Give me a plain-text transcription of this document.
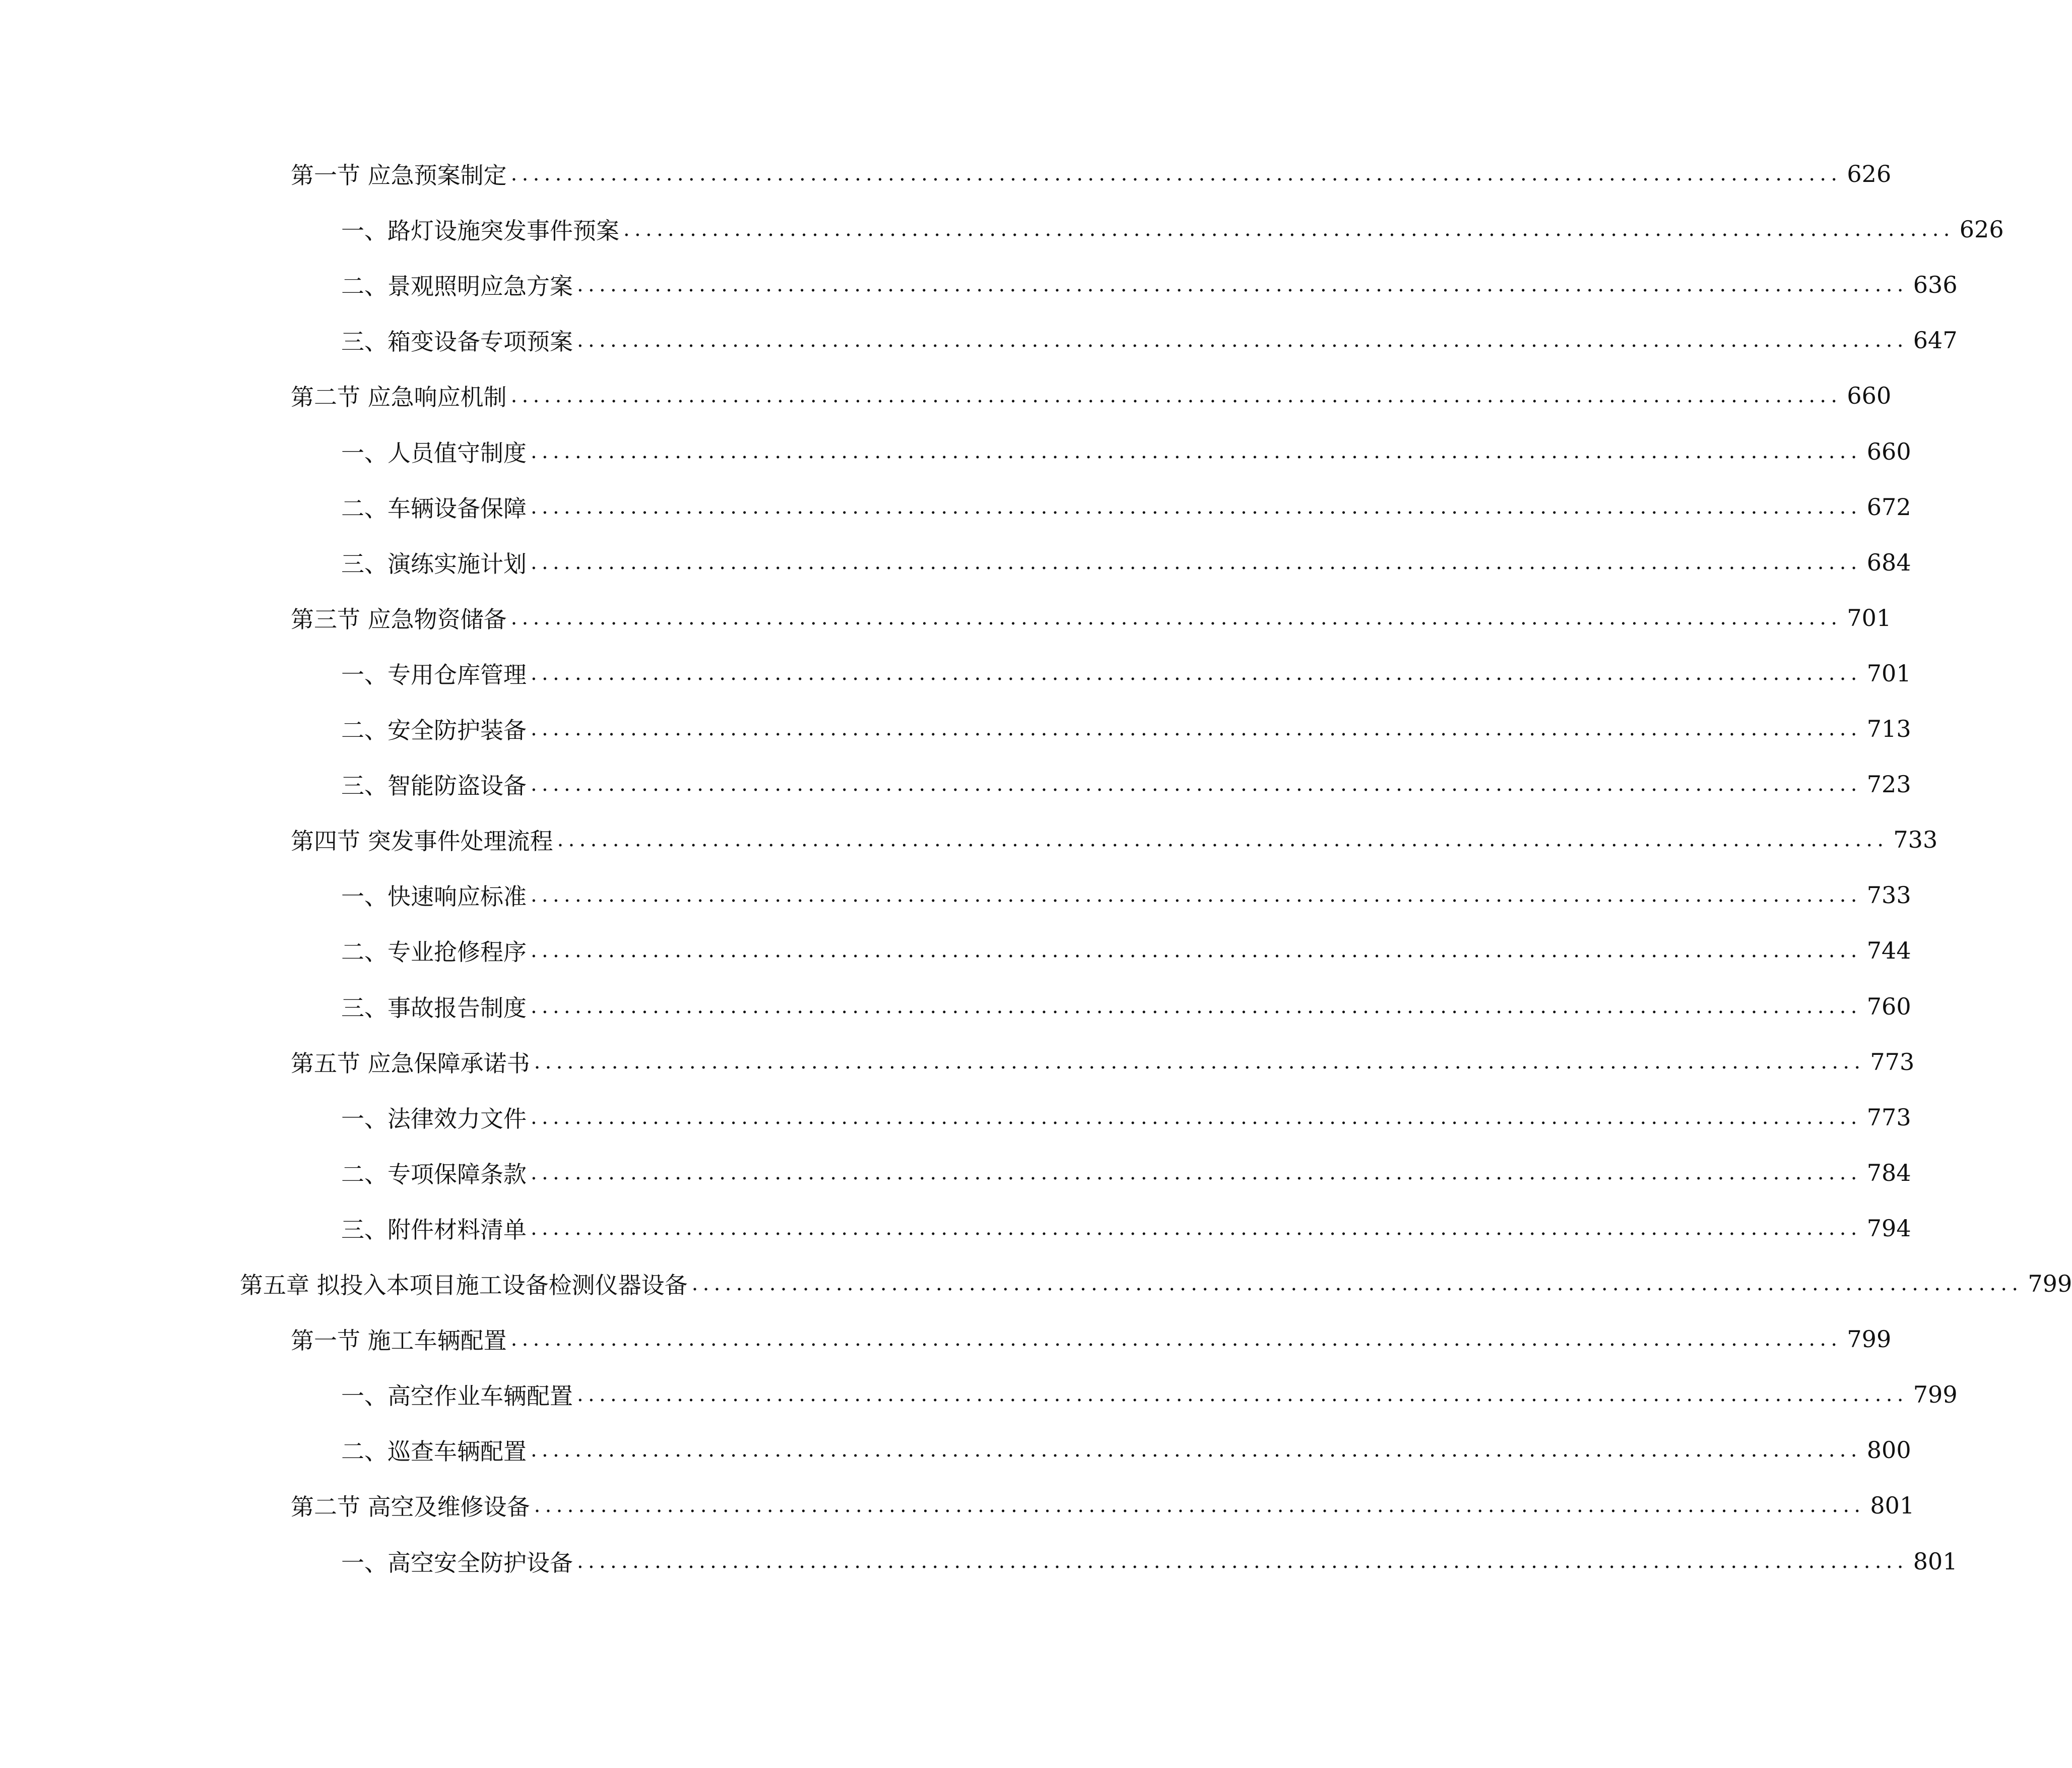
第一节 应急预案制定 ........................................................................................................................ 626
一、 路灯设施突发事件预案 ........................................................................................................................ 626
二、 景观照明应急方案 ........................................................................................................................ 636
三、 箱变设备专项预案 ........................................................................................................................ 647
第二节 应急响应机制 ........................................................................................................................ 660
一、 人员值守制度 ........................................................................................................................ 660
二、 车辆设备保障 ........................................................................................................................ 672
三、 演练实施计划 ........................................................................................................................ 684
第三节 应急物资储备 ........................................................................................................................ 701
一、 专用仓库管理 ........................................................................................................................ 701
二、 安全防护装备 ........................................................................................................................ 713
三、 智能防盗设备 ........................................................................................................................ 723
第四节 突发事件处理流程 ........................................................................................................................ 733
一、 快速响应标准 ........................................................................................................................ 733
二、 专业抢修程序 ........................................................................................................................ 744
三、 事故报告制度 ........................................................................................................................ 760
第五节 应急保障承诺书 ........................................................................................................................ 773
一、 法律效力文件 ........................................................................................................................ 773
二、 专项保障条款 ........................................................................................................................ 784
三、 附件材料清单 ........................................................................................................................ 794
第五章 拟投入本项目施工设备检测仪器设备 ........................................................................................................................ 799
第一节 施工车辆配置 ........................................................................................................................ 799
一、 高空作业车辆配置 ........................................................................................................................ 799
二、 巡查车辆配置 ........................................................................................................................ 800
第二节 高空及维修设备 ........................................................................................................................ 801
一、 高空安全防护设备 ........................................................................................................................ 801
